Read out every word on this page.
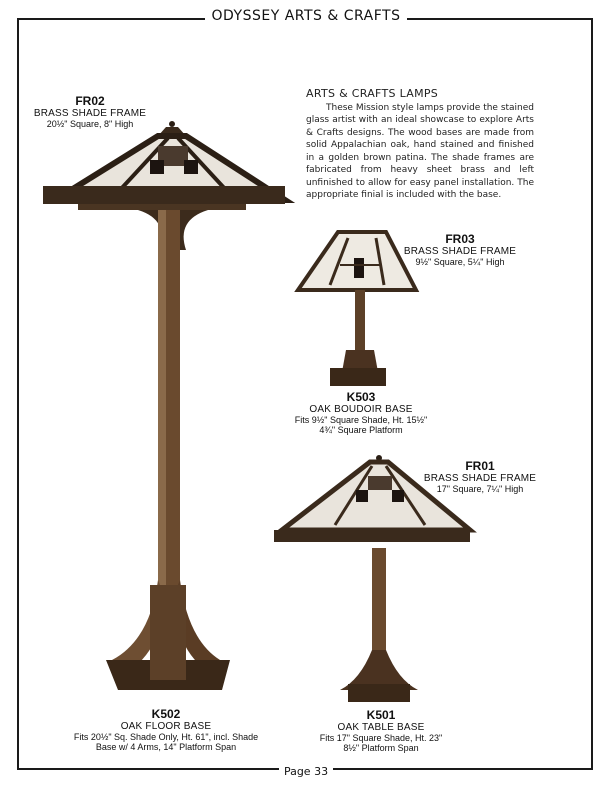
ODYSSEY ARTS & CRAFTS
Page 33
ARTS & CRAFTS LAMPS

These Mission style lamps provide the stained glass artist with an ideal showcase to explore Arts & Crafts designs. The wood bases are made from solid Appalachian oak, hand stained and finished in a golden brown patina. The shade frames are fabricated from heavy sheet brass and left unfinished to allow for easy panel installation. The appropriate finial is included with the base.

FR02
BRASS SHADE FRAME
20½" Square, 8" High
FR03
BRASS SHADE FRAME
9½" Square, 5¼" High
K503
OAK BOUDOIR BASE
Fits 9½" Square Shade, Ht. 15½"
4¾" Square Platform
FR01
BRASS SHADE FRAME
17" Square, 7¼" High
K502
OAK FLOOR BASE
Fits 20½" Sq. Shade Only, Ht. 61", incl. Shade
Base w/ 4 Arms, 14" Platform Span
K501
OAK TABLE BASE
Fits 17" Square Shade, Ht. 23"
8½" Platform Span
